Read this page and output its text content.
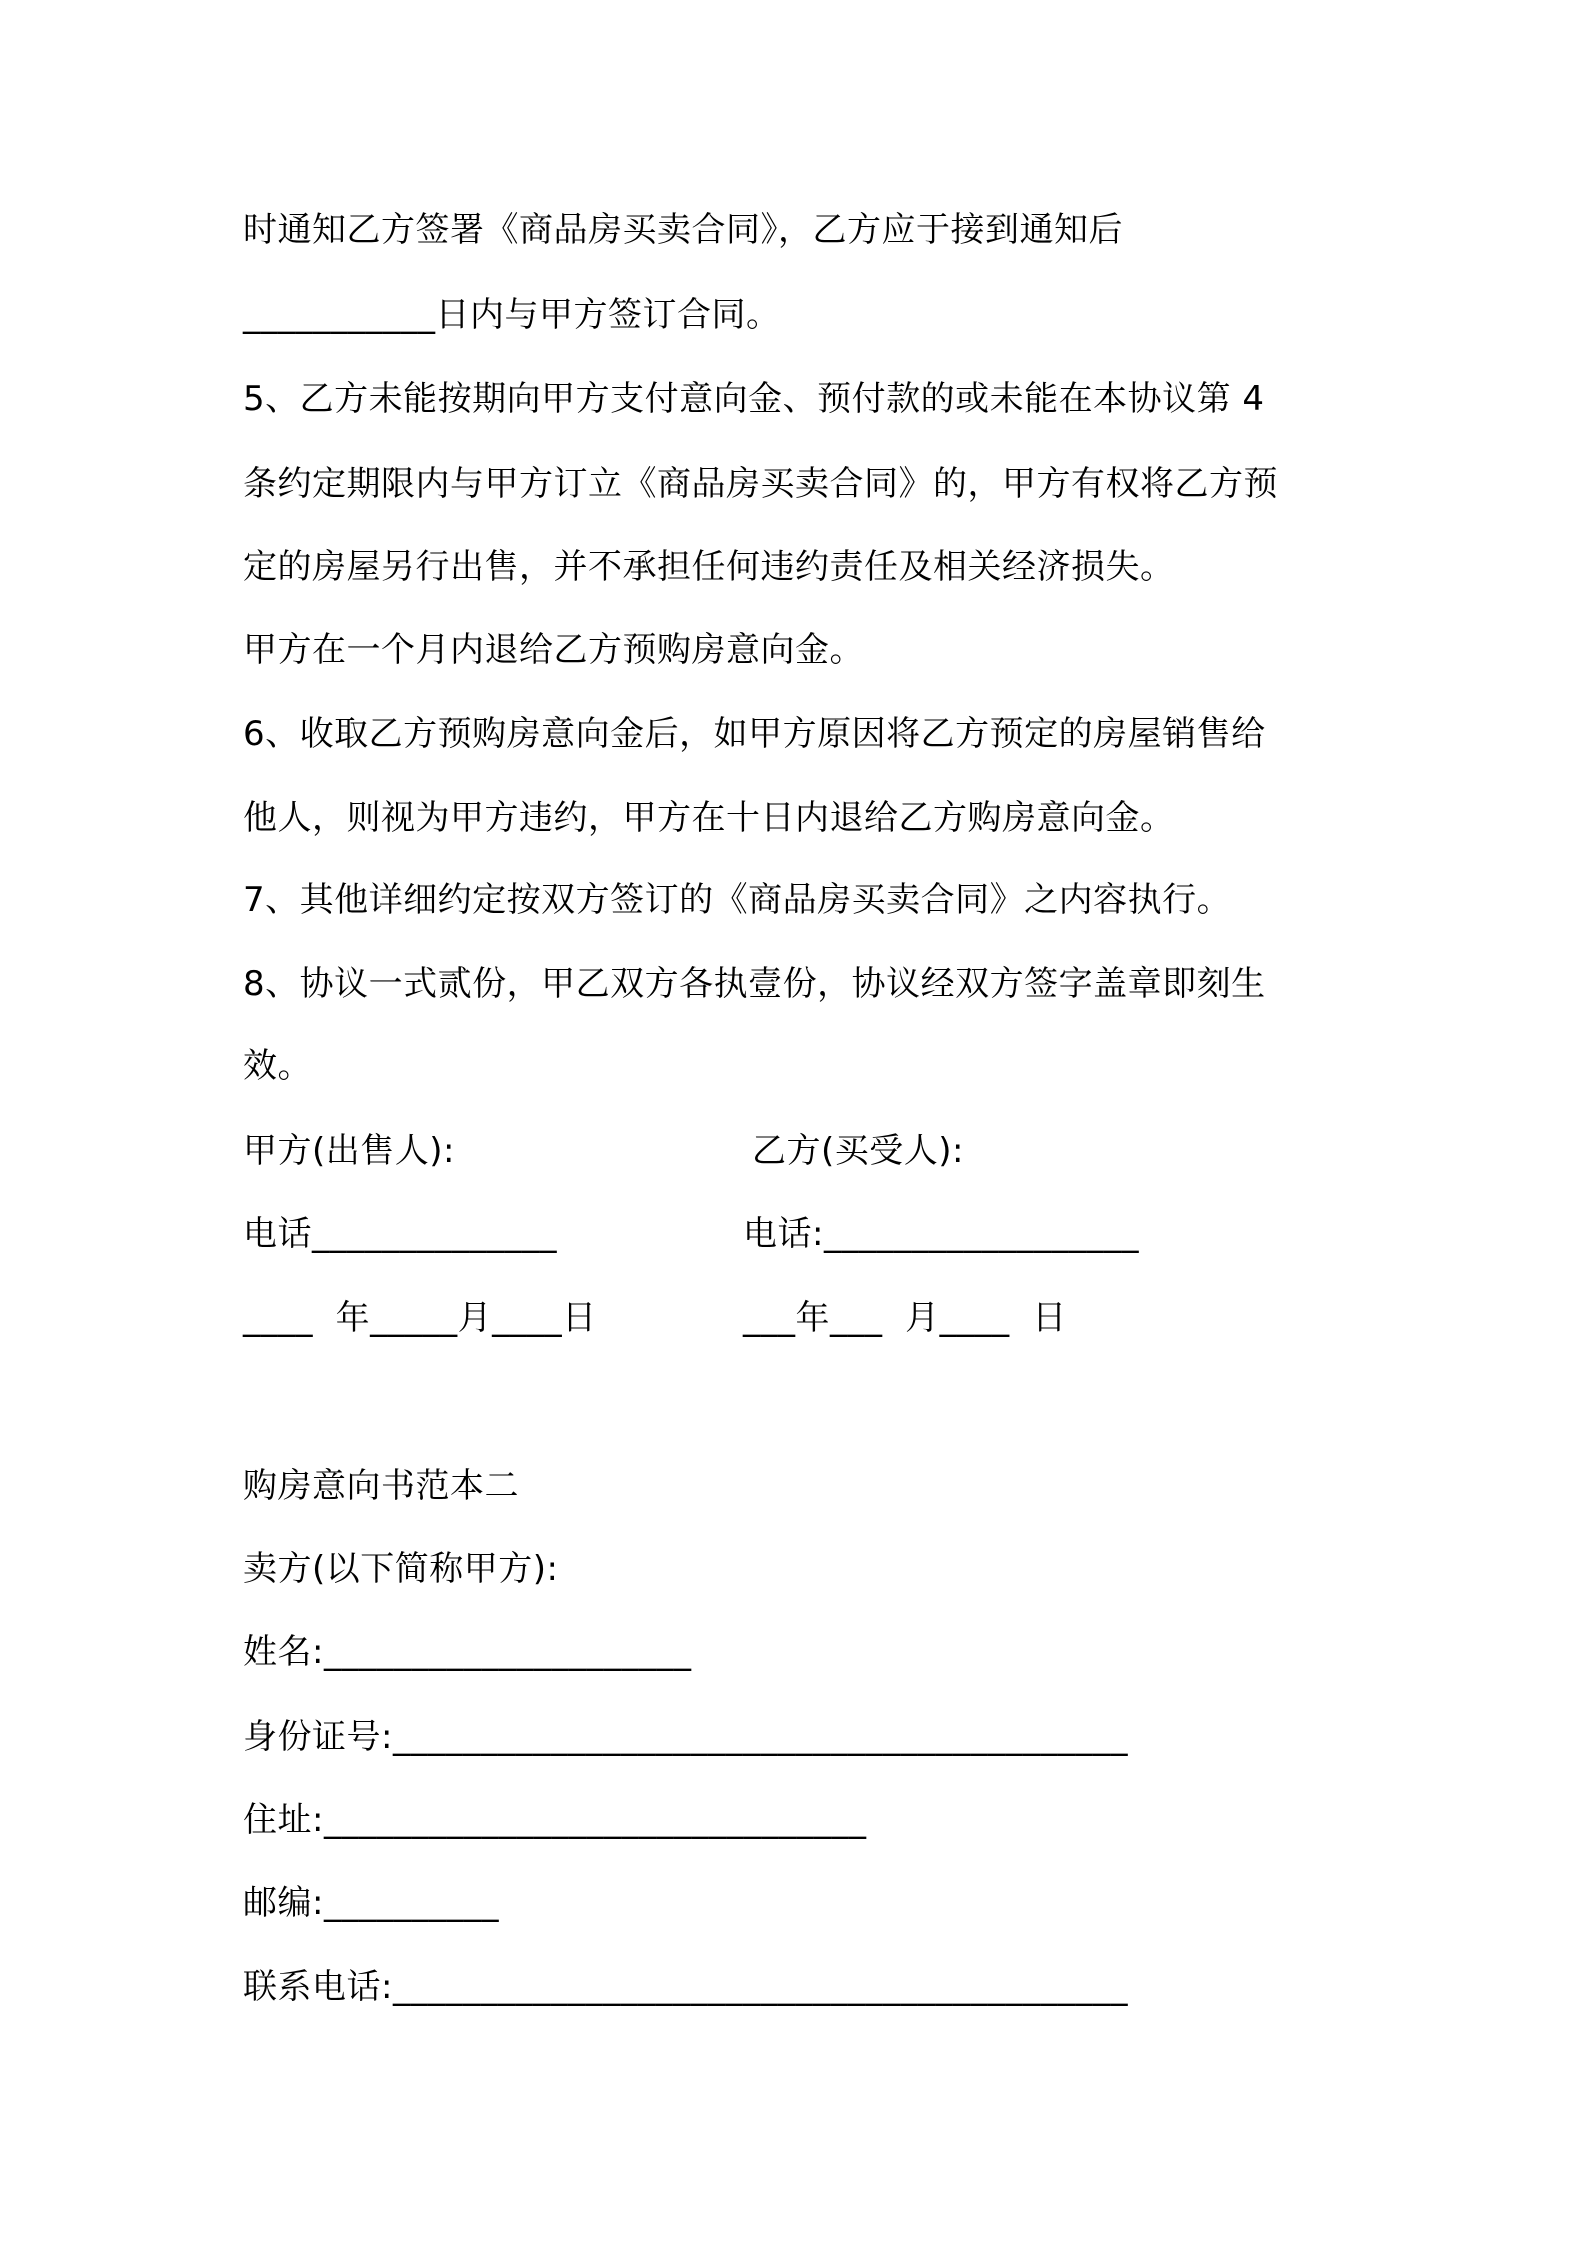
时通知乙方签署《商品房买卖合同》，乙方应于接到通知后
___________日内与甲方签订合同。
5、乙方未能按期向甲方支付意向金、预付款的或未能在本协议第 4
条约定期限内与甲方订立《商品房买卖合同》的，甲方有权将乙方预
定的房屋另行出售，并不承担任何违约责任及相关经济损失。
甲方在一个月内退给乙方预购房意向金。
6、收取乙方预购房意向金后，如甲方原因将乙方预定的房屋销售给
他人，则视为甲方违约，甲方在十日内退给乙方购房意向金。
7、其他详细约定按双方签订的《商品房买卖合同》之内容执行。
8、协议一式贰份，甲乙双方各执壹份，协议经双方签字盖章即刻生
效。
甲方(出售人):	乙方(买受人):
电话______________	电话:__________________
____  年_____月____日	___年___  月____  日
购房意向书范本二
卖方(以下简称甲方):
姓名:_____________________
身份证号:__________________________________________
住址:_______________________________
邮编:__________
联系电话:__________________________________________
